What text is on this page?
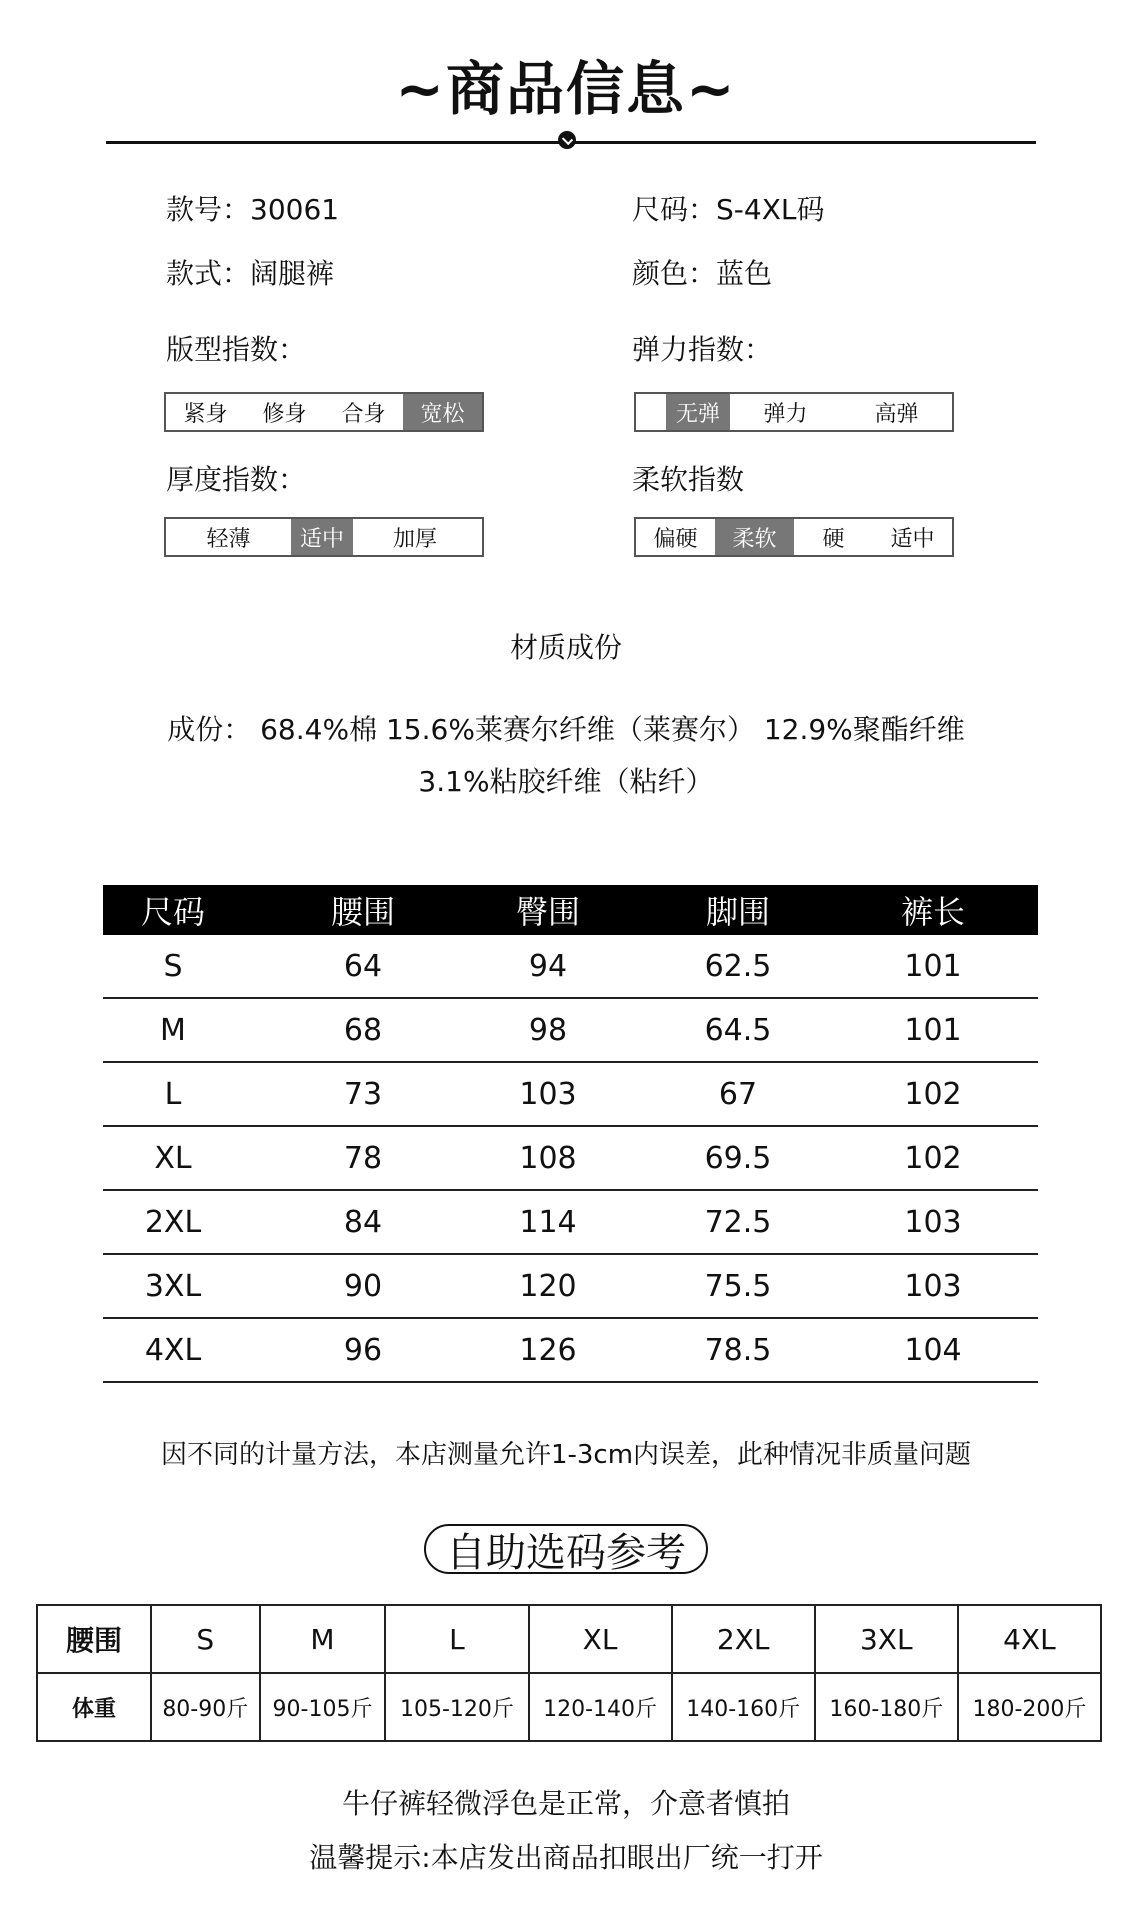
~商品信息~
款号：30061	尺码：S-4XL码
款式：阔腿裤	颜色：蓝色
版型指数：
紧身	修身	合身	宽松
弹力指数：
无弹	弹力	高弹
厚度指数：
轻薄	适中	加厚
柔软指数
偏硬	柔软	硬	适中
材质成份
成份： 68.4%棉 15.6%莱赛尔纤维（莱赛尔） 12.9%聚酯纤维
3.1%粘胶纤维（粘纤）
尺码	腰围	臀围	脚围	裤长
S	64	94	62.5	101
M	68	98	64.5	101
L	73	103	67	102
XL	78	108	69.5	102
2XL	84	114	72.5	103
3XL	90	120	75.5	103
4XL	96	126	78.5	104
因不同的计量方法，本店测量允许1-3cm内误差，此种情况非质量问题
自助选码参考
腰围	S	M	L	XL	2XL	3XL	4XL
体重	80-90斤	90-105斤	105-120斤	120-140斤	140-160斤	160-180斤	180-200斤
牛仔裤轻微浮色是正常，介意者慎拍
温馨提示:本店发出商品扣眼出厂统一打开
